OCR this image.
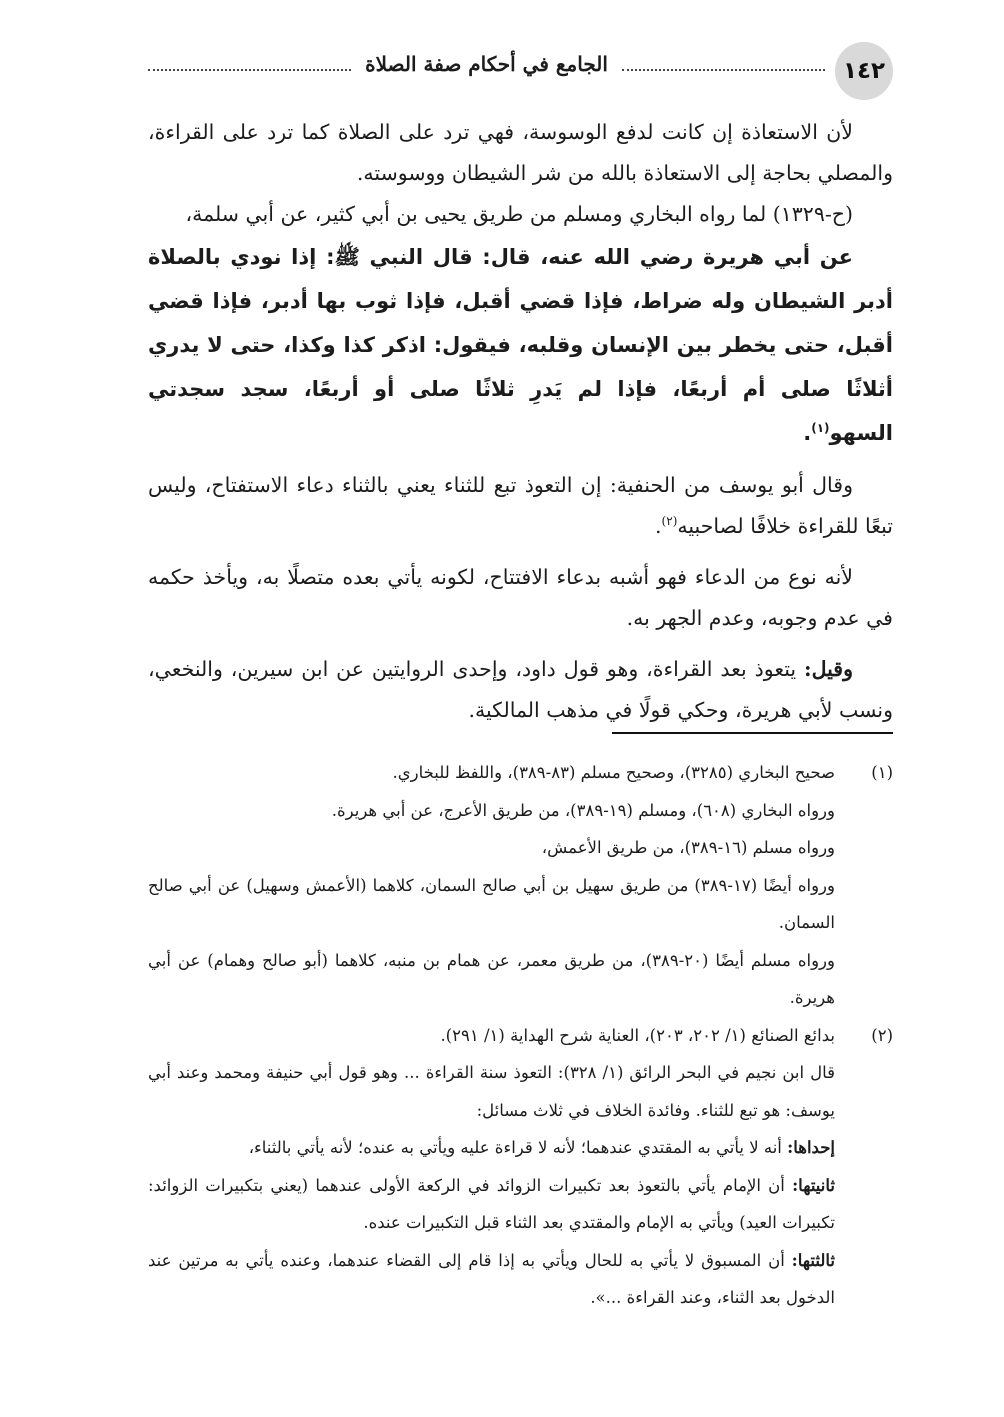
١٤٢
الجامع في أحكام صفة الصلاة

لأن الاستعاذة إن كانت لدفع الوسوسة، فهي ترد على الصلاة كما ترد على القراءة، والمصلي بحاجة إلى الاستعاذة بالله من شر الشيطان ووسوسته.

(ح-١٣٢٩) لما رواه البخاري ومسلم من طريق يحيى بن أبي كثير، عن أبي سلمة،

عن أبي هريرة رضي الله عنه، قال: قال النبي ﷺ: إذا نودي بالصلاة أدبر الشيطان وله ضراط، فإذا قضي أقبل، فإذا ثوب بها أدبر، فإذا قضي أقبل، حتى يخطر بين الإنسان وقلبه، فيقول: اذكر كذا وكذا، حتى لا يدري أثلاثًا صلى أم أربعًا، فإذا لم يَدرِ ثلاثًا صلى أو أربعًا، سجد سجدتي السهو$^{(١)}$.

وقال أبو يوسف من الحنفية: إن التعوذ تبع للثناء يعني بالثناء دعاء الاستفتاح، وليس تبعًا للقراءة خلافًا لصاحبيه$^{(٢)}$.

لأنه نوع من الدعاء فهو أشبه بدعاء الافتتاح، لكونه يأتي بعده متصلًا به، ويأخذ حكمه في عدم وجوبه، وعدم الجهر به.

وقيل: يتعوذ بعد القراءة، وهو قول داود، وإحدى الروايتين عن ابن سيرين، والنخعي، ونسب لأبي هريرة، وحكي قولًا في مذهب المالكية.

(١)

صحيح البخاري (٣٢٨٥)، وصحيح مسلم (٨٣-٣٨٩)، واللفظ للبخاري.

ورواه البخاري (٦٠٨)، ومسلم (١٩-٣٨٩)، من طريق الأعرج، عن أبي هريرة.

ورواه مسلم (١٦-٣٨٩)، من طريق الأعمش،

ورواه أيضًا (١٧-٣٨٩) من طريق سهيل بن أبي صالح السمان، كلاهما (الأعمش وسهيل) عن أبي صالح السمان.

ورواه مسلم أيضًا (٢٠-٣٨٩)، من طريق معمر، عن همام بن منبه، كلاهما (أبو صالح وهمام) عن أبي هريرة.

(٢)

بدائع الصنائع (١/ ٢٠٢، ٢٠٣)، العناية شرح الهداية (١/ ٢٩١).

قال ابن نجيم في البحر الرائق (١/ ٣٢٨): التعوذ سنة القراءة ... وهو قول أبي حنيفة ومحمد وعند أبي يوسف: هو تبع للثناء. وفائدة الخلاف في ثلاث مسائل:

إحداها: أنه لا يأتي به المقتدي عندهما؛ لأنه لا قراءة عليه ويأتي به عنده؛ لأنه يأتي بالثناء،

ثانيتها: أن الإمام يأتي بالتعوذ بعد تكبيرات الزوائد في الركعة الأولى عندهما (يعني بتكبيرات الزوائد: تكبيرات العيد) ويأتي به الإمام والمقتدي بعد الثناء قبل التكبيرات عنده.

ثالثتها: أن المسبوق لا يأتي به للحال ويأتي به إذا قام إلى القضاء عندهما، وعنده يأتي به مرتين عند الدخول بعد الثناء، وعند القراءة ...».
